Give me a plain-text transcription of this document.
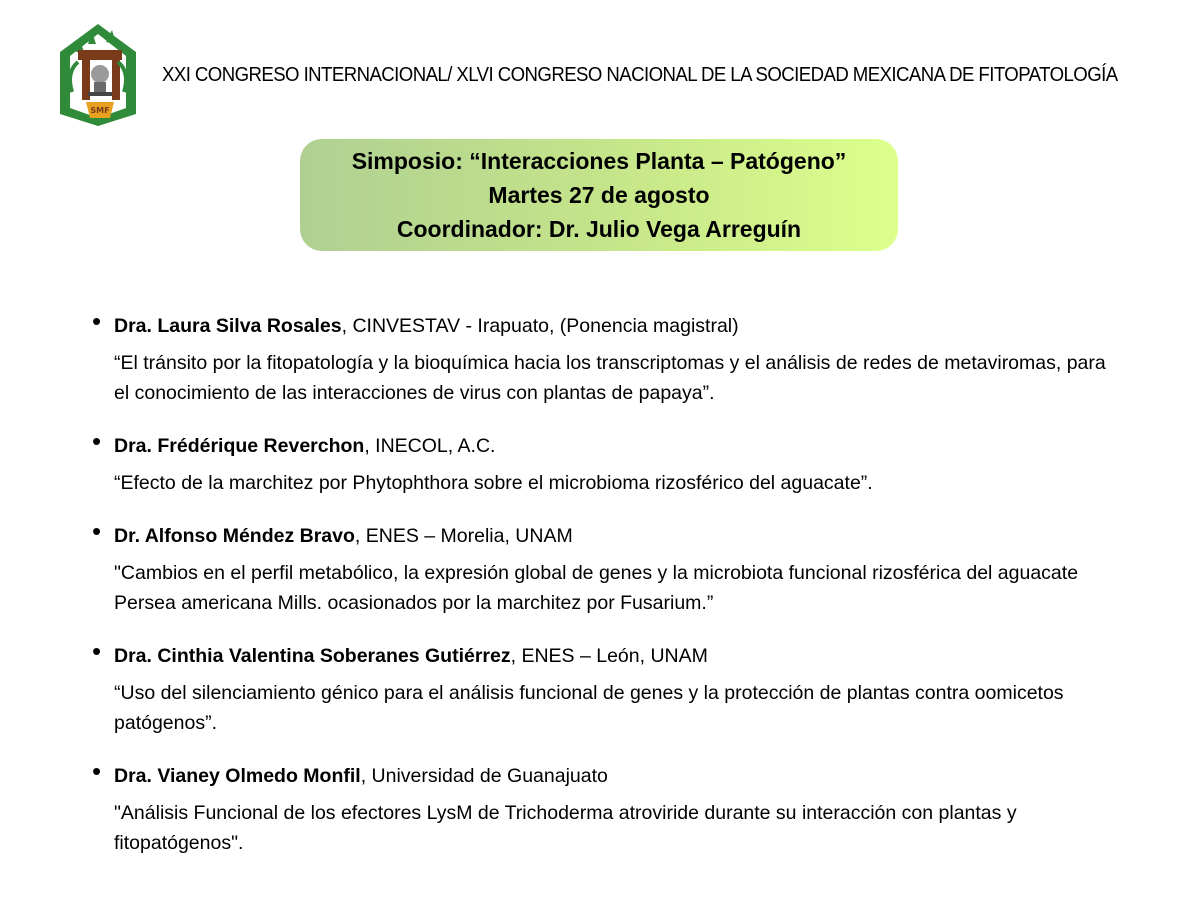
SMF
XXI CONGRESO INTERNACIONAL/ XLVI CONGRESO NACIONAL DE LA SOCIEDAD MEXICANA DE FITOPATOLOGÍA
Simposio: “Interacciones Planta – Patógeno”
Martes 27 de agosto
Coordinador: Dr. Julio Vega Arreguín
• Dra. Laura Silva Rosales, CINVESTAV - Irapuato, (Ponencia magistral)
“El tránsito por la fitopatología y la bioquímica hacia los transcriptomas y el análisis de redes de metaviromas, para el conocimiento de las interacciones de virus con plantas de papaya”.
• Dra. Frédérique Reverchon, INECOL, A.C.
“Efecto de la marchitez por Phytophthora sobre el microbioma rizosférico del aguacate”.
• Dr. Alfonso Méndez Bravo, ENES – Morelia, UNAM
"Cambios en el perfil metabólico, la expresión global de genes y la microbiota funcional rizosférica del aguacate Persea americana Mills. ocasionados por la marchitez por Fusarium.”
• Dra. Cinthia Valentina Soberanes Gutiérrez, ENES – León, UNAM
“Uso del silenciamiento génico para el análisis funcional de genes y la protección de plantas contra oomicetos patógenos”.
• Dra. Vianey Olmedo Monfil, Universidad de Guanajuato
"Análisis Funcional de los efectores LysM de Trichoderma atroviride durante su interacción con plantas y fitopatógenos".
